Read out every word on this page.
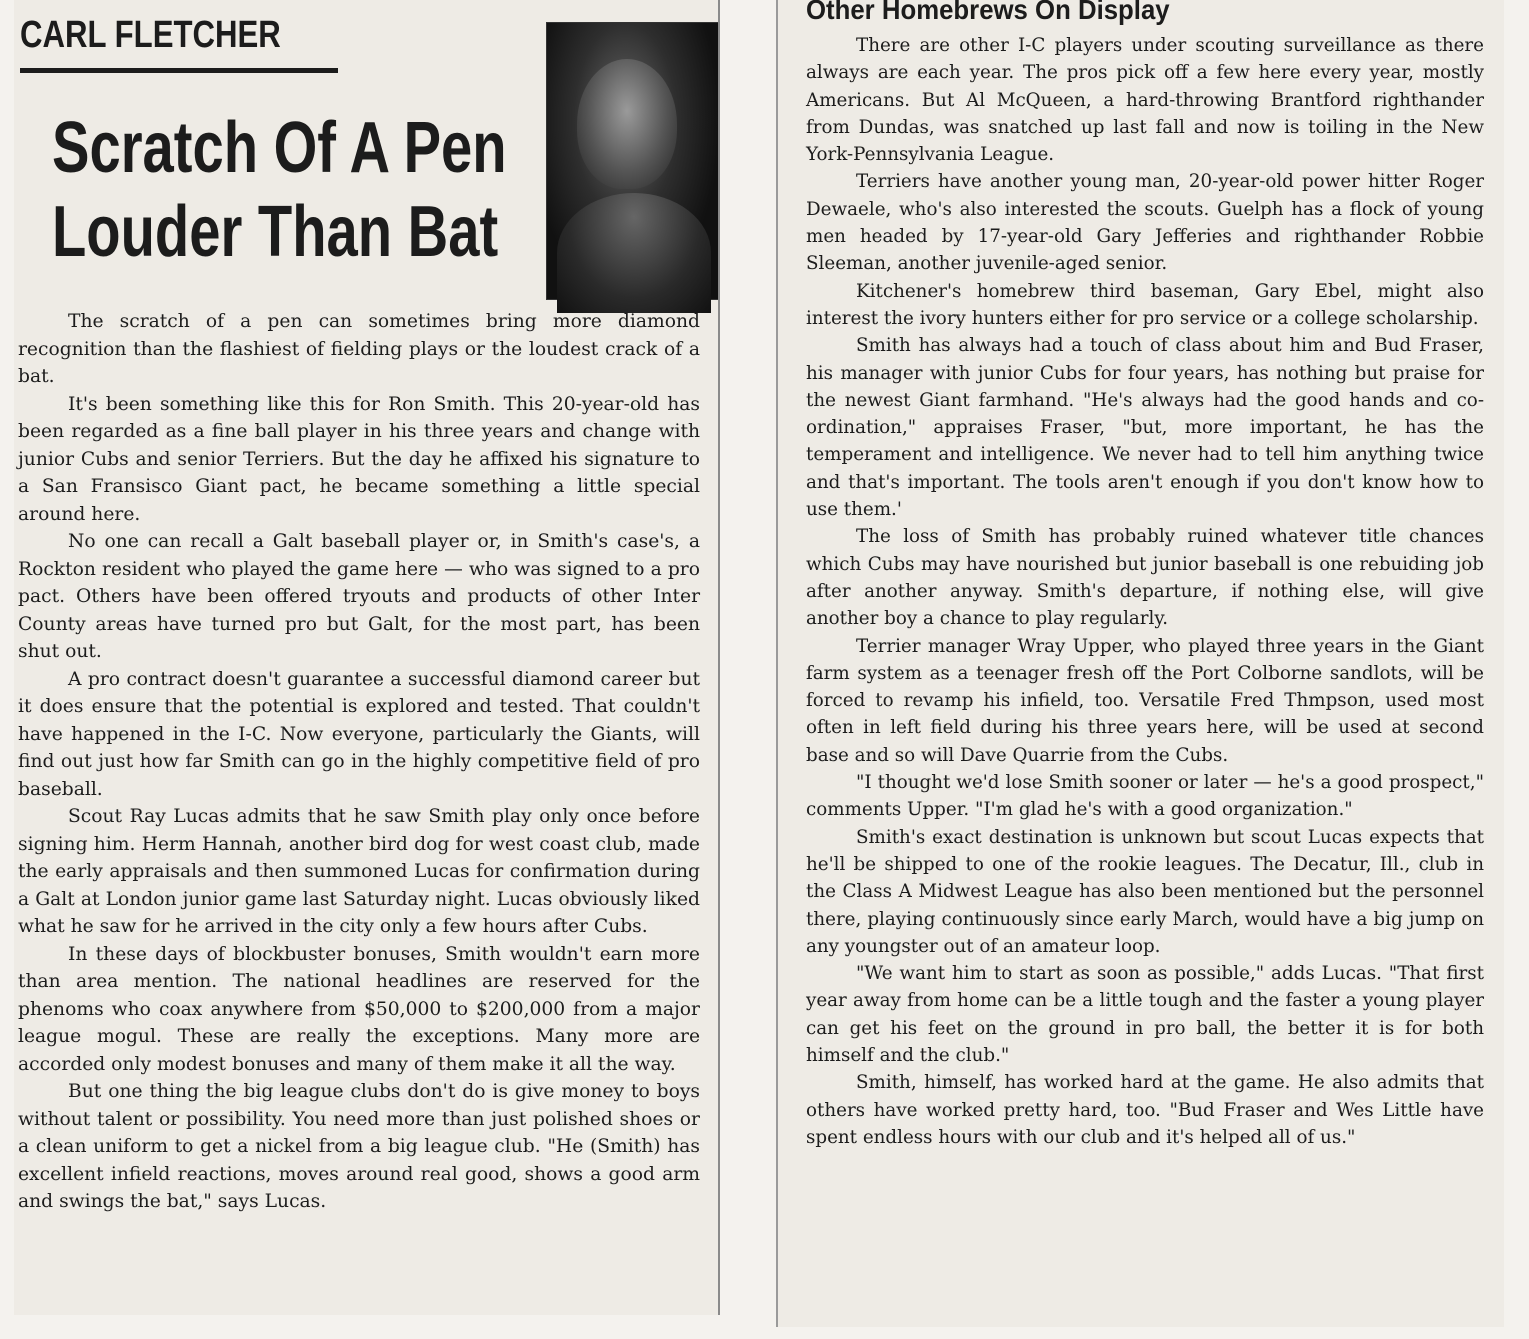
CARL FLETCHER
Scratch Of A Pen
Louder Than Bat

The scratch of a pen can sometimes bring more diamond recognition than the flashiest of fielding plays or the loudest crack of a bat.

It's been something like this for Ron Smith. This 20-year-old has been regarded as a fine ball player in his three years and change with junior Cubs and senior Terriers. But the day he affixed his signature to a San Fransisco Giant pact, he became something a little special around here.

No one can recall a Galt baseball player or, in Smith's case's, a Rockton resident who played the game here — who was signed to a pro pact. Others have been offered tryouts and products of other Inter County areas have turned pro but Galt, for the most part, has been shut out.

A pro contract doesn't guarantee a successful diamond career but it does ensure that the potential is explored and tested. That couldn't have happened in the I-C. Now everyone, particularly the Giants, will find out just how far Smith can go in the highly competitive field of pro baseball.

Scout Ray Lucas admits that he saw Smith play only once before signing him. Herm Hannah, another bird dog for west coast club, made the early appraisals and then summoned Lucas for confirmation during a Galt at London junior game last Saturday night. Lucas obviously liked what he saw for he arrived in the city only a few hours after Cubs.

In these days of blockbuster bonuses, Smith wouldn't earn more than area mention. The national headlines are reserved for the phenoms who coax anywhere from $50,000 to $200,000 from a major league mogul. These are really the exceptions. Many more are accorded only modest bonuses and many of them make it all the way.

But one thing the big league clubs don't do is give money to boys without talent or possibility. You need more than just polished shoes or a clean uniform to get a nickel from a big league club. "He (Smith) has excellent infield reactions, moves around real good, shows a good arm and swings the bat," says Lucas.

Other Homebrews On Display

There are other I-C players under scouting surveillance as there always are each year. The pros pick off a few here every year, mostly Americans. But Al McQueen, a hard-throwing Brantford righthander from Dundas, was snatched up last fall and now is toiling in the New York-Pennsylvania League.

Terriers have another young man, 20-year-old power hitter Roger Dewaele, who's also interested the scouts. Guelph has a flock of young men headed by 17-year-old Gary Jefferies and righthander Robbie Sleeman, another juvenile-aged senior.

Kitchener's homebrew third baseman, Gary Ebel, might also interest the ivory hunters either for pro service or a college scholarship.

Smith has always had a touch of class about him and Bud Fraser, his manager with junior Cubs for four years, has nothing but praise for the newest Giant farmhand. "He's always had the good hands and co-ordination," appraises Fraser, "but, more important, he has the temperament and intelligence. We never had to tell him anything twice and that's important. The tools aren't enough if you don't know how to use them.'

The loss of Smith has probably ruined whatever title chances which Cubs may have nourished but junior baseball is one rebuiding job after another anyway. Smith's departure, if nothing else, will give another boy a chance to play regularly.

Terrier manager Wray Upper, who played three years in the Giant farm system as a teenager fresh off the Port Colborne sandlots, will be forced to revamp his infield, too. Versatile Fred Thmpson, used most often in left field during his three years here, will be used at second base and so will Dave Quarrie from the Cubs.

"I thought we'd lose Smith sooner or later — he's a good prospect," comments Upper. "I'm glad he's with a good organization."

Smith's exact destination is unknown but scout Lucas expects that he'll be shipped to one of the rookie leagues. The Decatur, Ill., club in the Class A Midwest League has also been mentioned but the personnel there, playing continuously since early March, would have a big jump on any youngster out of an amateur loop.

"We want him to start as soon as possible," adds Lucas. "That first year away from home can be a little tough and the faster a young player can get his feet on the ground in pro ball, the better it is for both himself and the club."

Smith, himself, has worked hard at the game. He also admits that others have worked pretty hard, too. "Bud Fraser and Wes Little have spent endless hours with our club and it's helped all of us."
